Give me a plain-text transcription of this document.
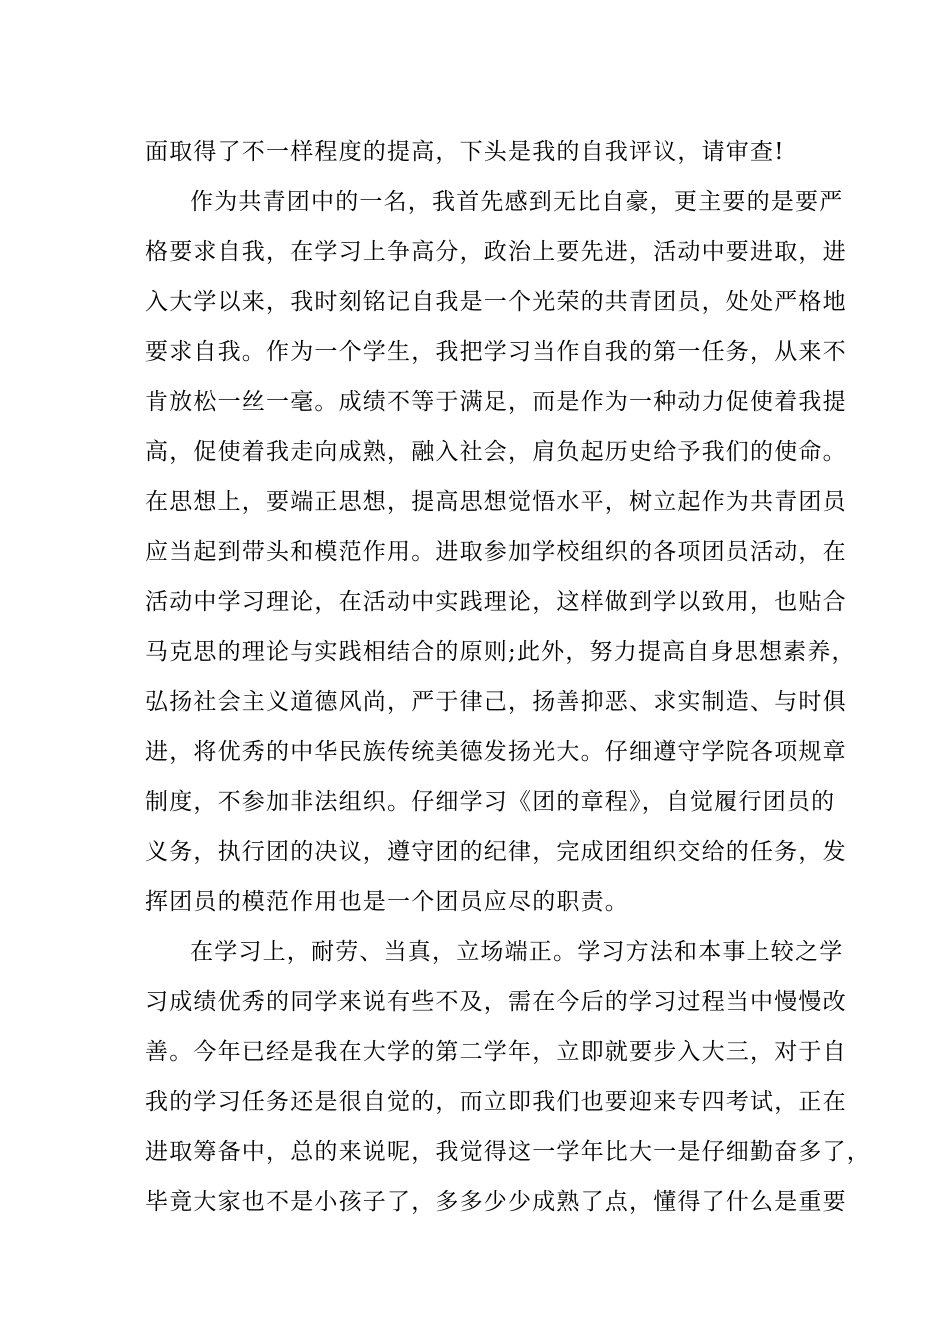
面取得了不一样程度的提高，下头是我的自我评议，请审查!
作为共青团中的一名，我首先感到无比自豪，更主要的是要严
格要求自我，在学习上争高分，政治上要先进，活动中要进取，进
入大学以来，我时刻铭记自我是一个光荣的共青团员，处处严格地
要求自我。作为一个学生，我把学习当作自我的第一任务，从来不
肯放松一丝一毫。成绩不等于满足，而是作为一种动力促使着我提
高，促使着我走向成熟，融入社会，肩负起历史给予我们的使命。
在思想上，要端正思想，提高思想觉悟水平，树立起作为共青团员
应当起到带头和模范作用。进取参加学校组织的各项团员活动，在
活动中学习理论，在活动中实践理论，这样做到学以致用，也贴合
马克思的理论与实践相结合的原则;此外，努力提高自身思想素养，
弘扬社会主义道德风尚，严于律己，扬善抑恶、求实制造、与时俱
进，将优秀的中华民族传统美德发扬光大。仔细遵守学院各项规章
制度，不参加非法组织。仔细学习《团的章程》，自觉履行团员的
义务，执行团的决议，遵守团的纪律，完成团组织交给的任务，发
挥团员的模范作用也是一个团员应尽的职责。
在学习上，耐劳、当真，立场端正。学习方法和本事上较之学
习成绩优秀的同学来说有些不及，需在今后的学习过程当中慢慢改
善。今年已经是我在大学的第二学年，立即就要步入大三，对于自
我的学习任务还是很自觉的，而立即我们也要迎来专四考试，正在
进取筹备中，总的来说呢，我觉得这一学年比大一是仔细勤奋多了，
毕竟大家也不是小孩子了，多多少少成熟了点，懂得了什么是重要
